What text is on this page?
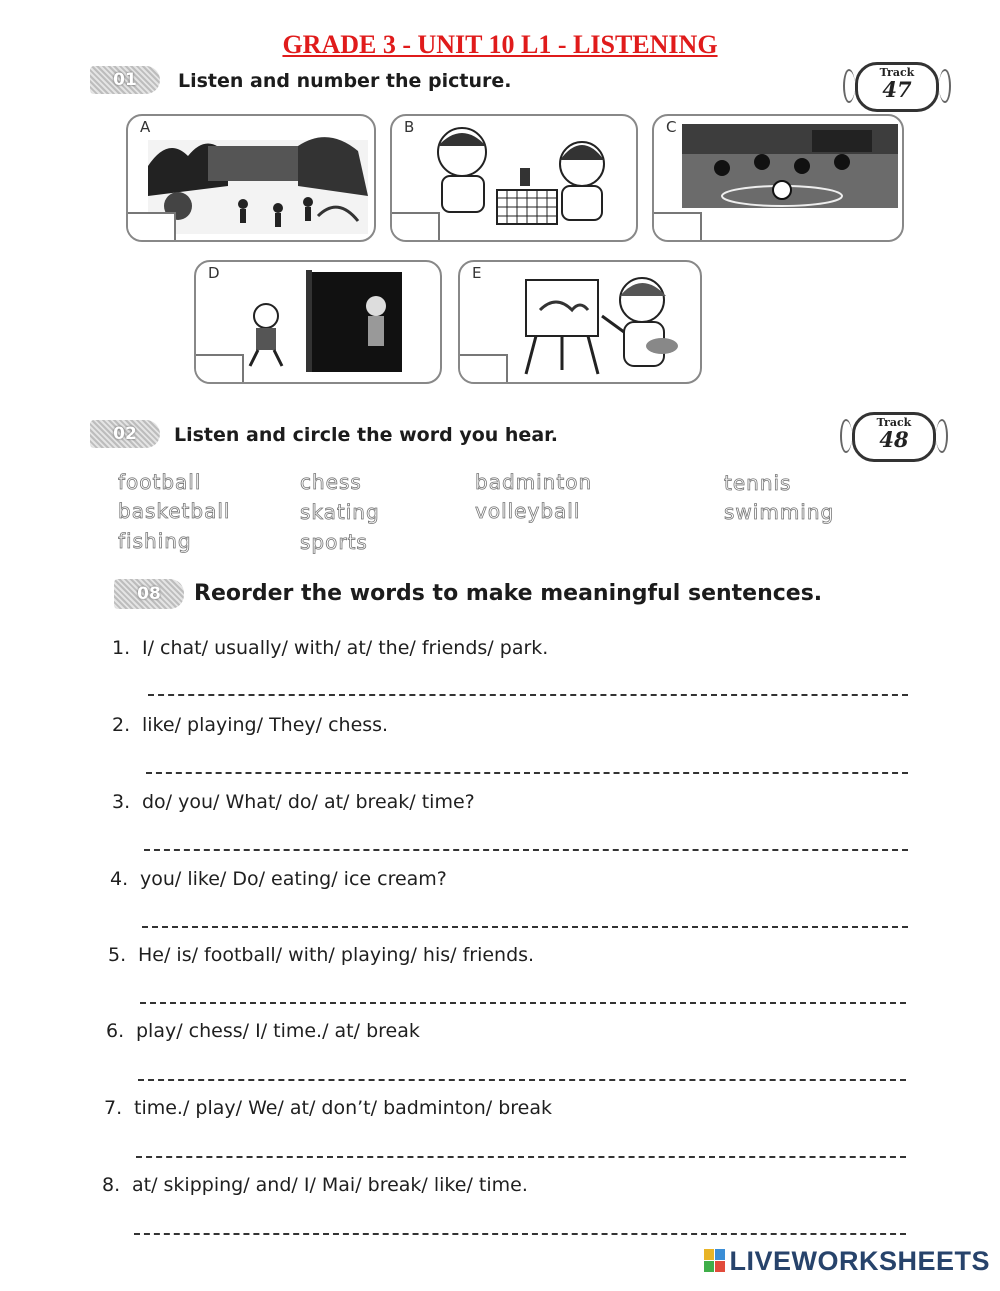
GRADE 3 - UNIT 10 L1 - LISTENING
01	Listen and number the picture.	Track
47
A	B	C
D	E
02	Listen and circle the word you hear.
Track
48
football	chess	badminton	tennis
basketball	skating	volleyball	swimming
fishing	sports
08	Reorder the words to make meaningful sentences.
1. I/ chat/ usually/ with/ at/ the/ friends/ park.
2. like/ playing/ They/ chess.
3. do/ you/ What/ do/ at/ break/ time?
4. you/ like/ Do/ eating/ ice cream?
5. He/ is/ football/ with/ playing/ his/ friends.
6. play/ chess/ I/ time./ at/ break
7. time./ play/ We/ at/ don’t/ badminton/ break
8. at/ skipping/ and/ I/ Mai/ break/ like/ time.
LIVEWORKSHEETS
